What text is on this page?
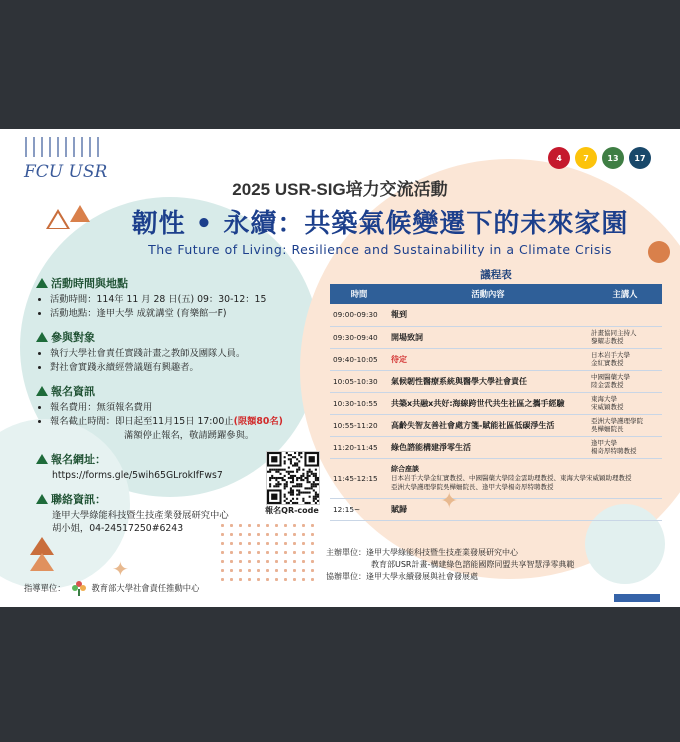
FCU USR
4	7	13	17
2025 USR-SIG培力交流活動
韌性 • 永續：共築氣候變遷下的未來家園
The Future of Living: Resilience and Sustainability in a Climate Crisis
活動時間與地點
• 活動時間：114年 11 月 28 日(五) 09：30-12：15
• 活動地點：逢甲大學 成就講堂 (育樂館一F)
參與對象
• 執行大學社會責任實踐計畫之教師及團隊人員。
• 對社會實踐永續經營議題有興趣者。
報名資訊
• 報名費用：無須報名費用
• 報名截止時間：即日起至11月15日 17:00止(限額80名)
滿額停止報名，敬請踴躍參與。
報名網址：
https://forms.gle/5wih65GLrokIfFws7
聯絡資訊：
逢甲大學綠能科技暨生技產業發展研究中心
胡小姐，04-24517250#6243
報名QR-code
議程表
時間	活動內容	主講人
09:00-09:30	報到	
09:30-09:40	開場致詞	計畫協同主持人
黎耀志教授
09:40-10:05	待定	日本岩手大學
金紅實教授
10:05-10:30	氣候韌性醫療系統與醫學大學社會責任	中國醫藥大學
陸金雲教授
10:30-10:55	共築x共融x共好:海線跨世代共生社區之攜手經驗	東海大學
宋威穎教授
10:55-11:20	高齡失智友善社會處方箋-賦能社區低碳淨生活	亞洲大學護理學院
吳樺姍院長
11:20-11:45	綠色諮能構建淨零生活	逢甲大學
楊奇厚特聘教授
11:45-12:15	綜合座談
日本岩手大學金紅實教授、中國醫藥大學陸金雲助理教授、東海大學宋威穎助理教授
亞洲大學護理學院吳樺姍院長、逢甲大學楊奇厚特聘教授	

12:15~	賦歸	✦
✦
主辦單位：逢甲大學綠能科技暨生技產業發展研究中心
教育部USR計畫-構建綠色諮能國際同盟共享智慧淨零典範
協辦單位：逢甲大學永續發展與社會發展處
指導單位：	教育部大學社會責任推動中心
